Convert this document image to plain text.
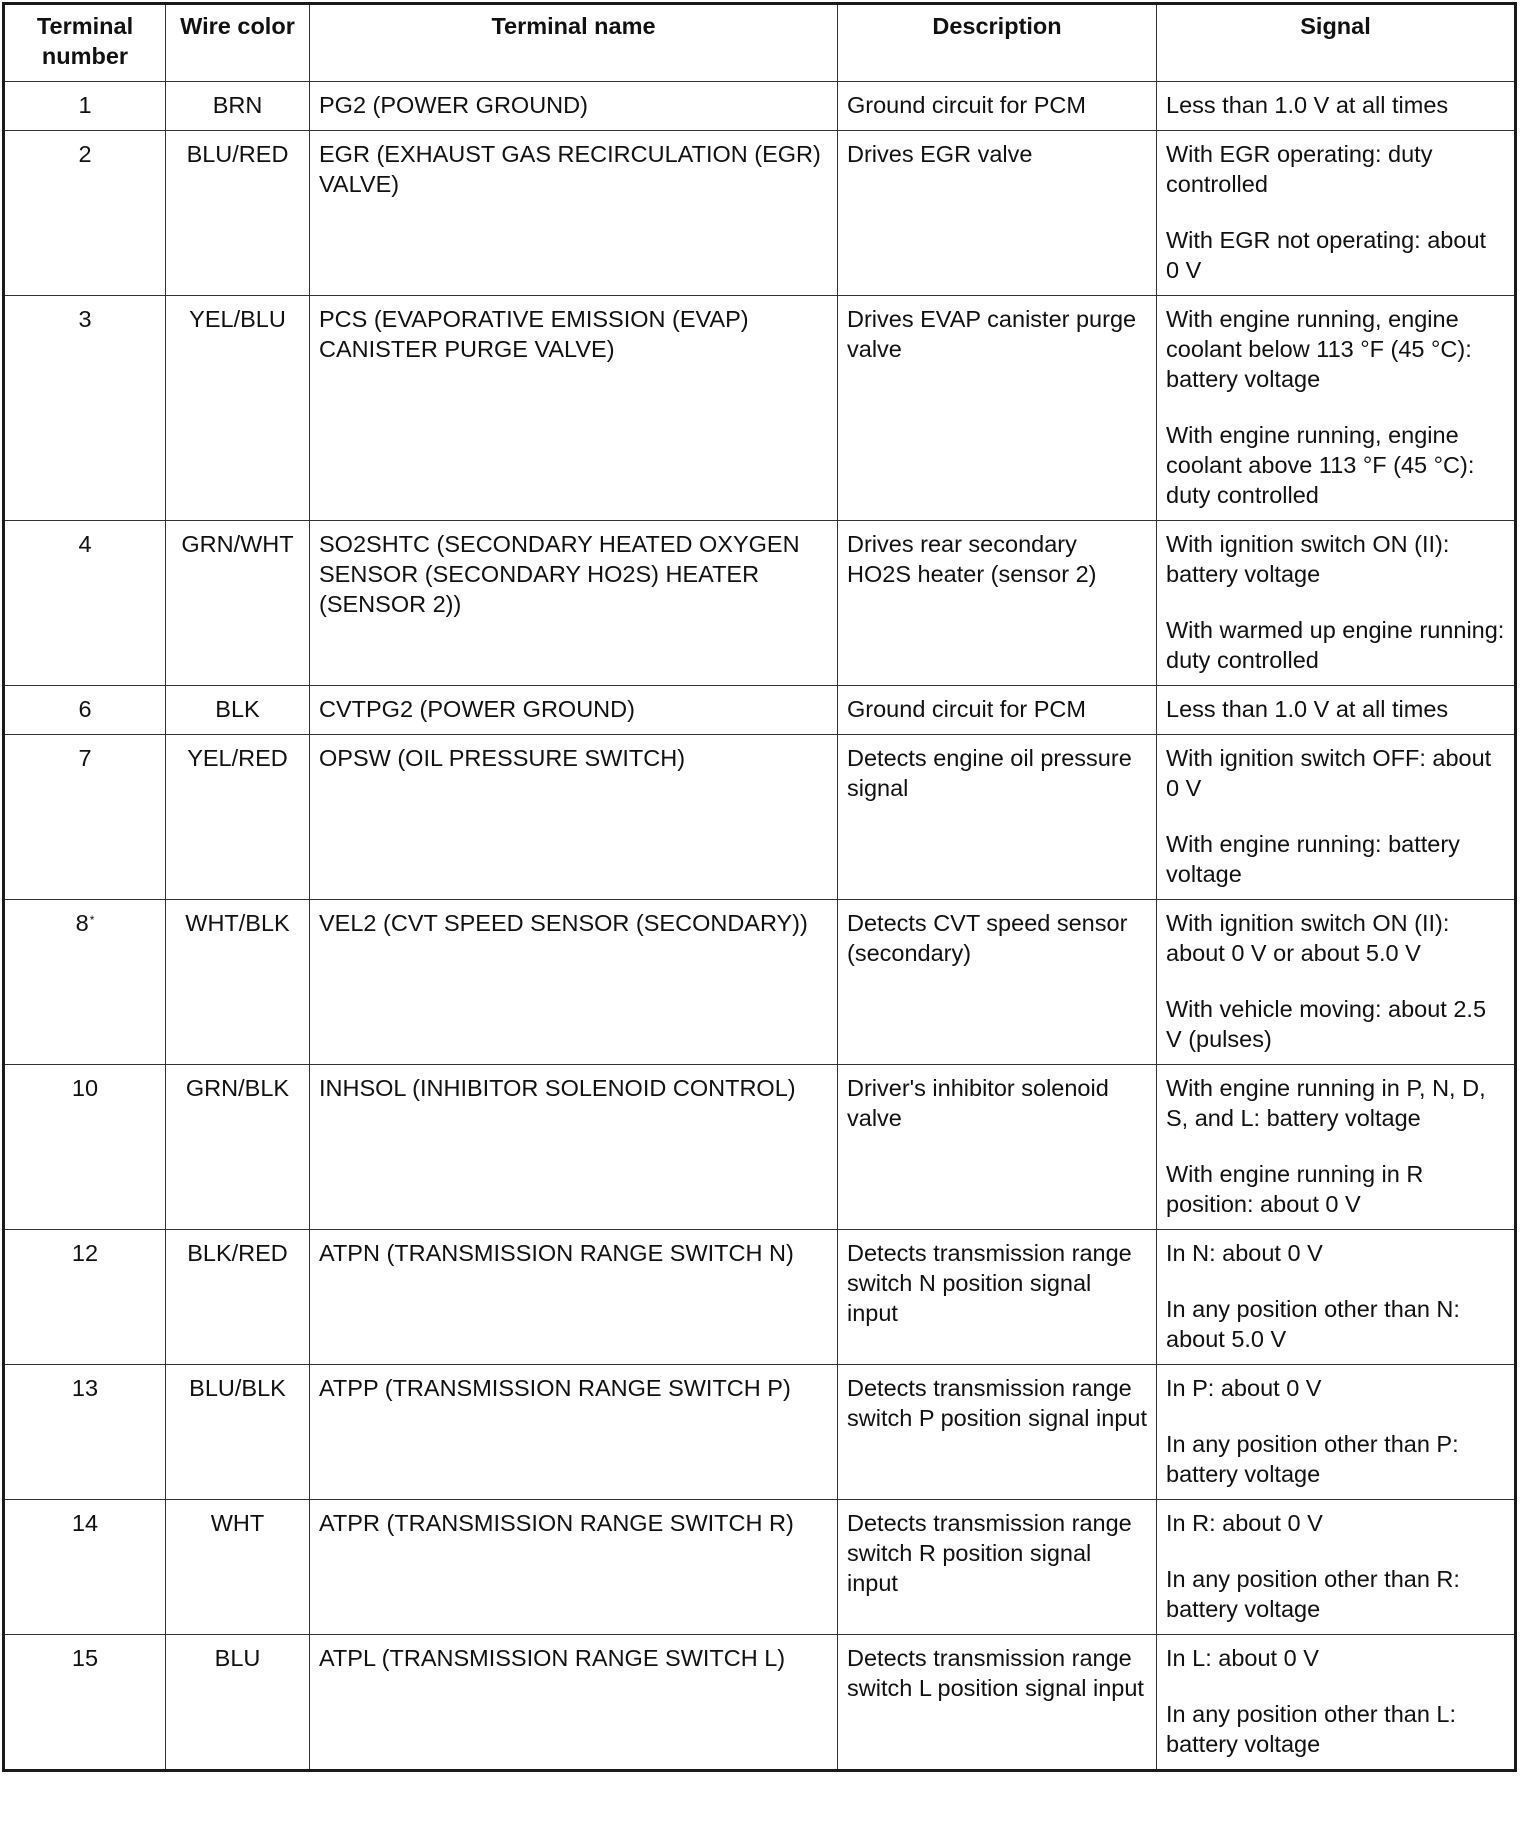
Terminal number	Wire color	Terminal name	Description	Signal
1	BRN	PG2 (POWER GROUND)	Ground circuit for PCM	Less than 1.0 V at all times

2	BLU/RED	EGR (EXHAUST GAS RECIRCULATION (EGR) VALVE)	Drives EGR valve	With EGR operating: duty controlled
With EGR not operating: about 0 V

3	YEL/BLU	PCS (EVAPORATIVE EMISSION (EVAP) CANISTER PURGE VALVE)	Drives EVAP canister purge valve	With engine running, engine coolant below 113 °F (45 °C): battery voltage
With engine running, engine coolant above 113 °F (45 °C): duty controlled

4	GRN/WHT	SO2SHTC (SECONDARY HEATED OXYGEN SENSOR (SECONDARY HO2S) HEATER (SENSOR 2))	Drives rear secondary HO2S heater (sensor 2)	With ignition switch ON (II): battery voltage
With warmed up engine running: duty controlled

6	BLK	CVTPG2 (POWER GROUND)	Ground circuit for PCM	Less than 1.0 V at all times

7	YEL/RED	OPSW (OIL PRESSURE SWITCH)	Detects engine oil pressure signal	With ignition switch OFF: about 0 V
With engine running: battery voltage

8*	WHT/BLK	VEL2 (CVT SPEED SENSOR (SECONDARY))	Detects CVT speed sensor (secondary)	With ignition switch ON (II): about 0 V or about 5.0 V
With vehicle moving: about 2.5 V (pulses)

10	GRN/BLK	INHSOL (INHIBITOR SOLENOID CONTROL)	Driver's inhibitor solenoid valve	With engine running in P, N, D, S, and L: battery voltage
With engine running in R position: about 0 V

12	BLK/RED	ATPN (TRANSMISSION RANGE SWITCH N)	Detects transmission range switch N position signal input	In N: about 0 V
In any position other than N: about 5.0 V

13	BLU/BLK	ATPP (TRANSMISSION RANGE SWITCH P)	Detects transmission range switch P position signal input	In P: about 0 V
In any position other than P: battery voltage

14	WHT	ATPR (TRANSMISSION RANGE SWITCH R)	Detects transmission range switch R position signal input	In R: about 0 V
In any position other than R: battery voltage

15	BLU	ATPL (TRANSMISSION RANGE SWITCH L)	Detects transmission range switch L position signal input	In L: about 0 V
In any position other than L: battery voltage
